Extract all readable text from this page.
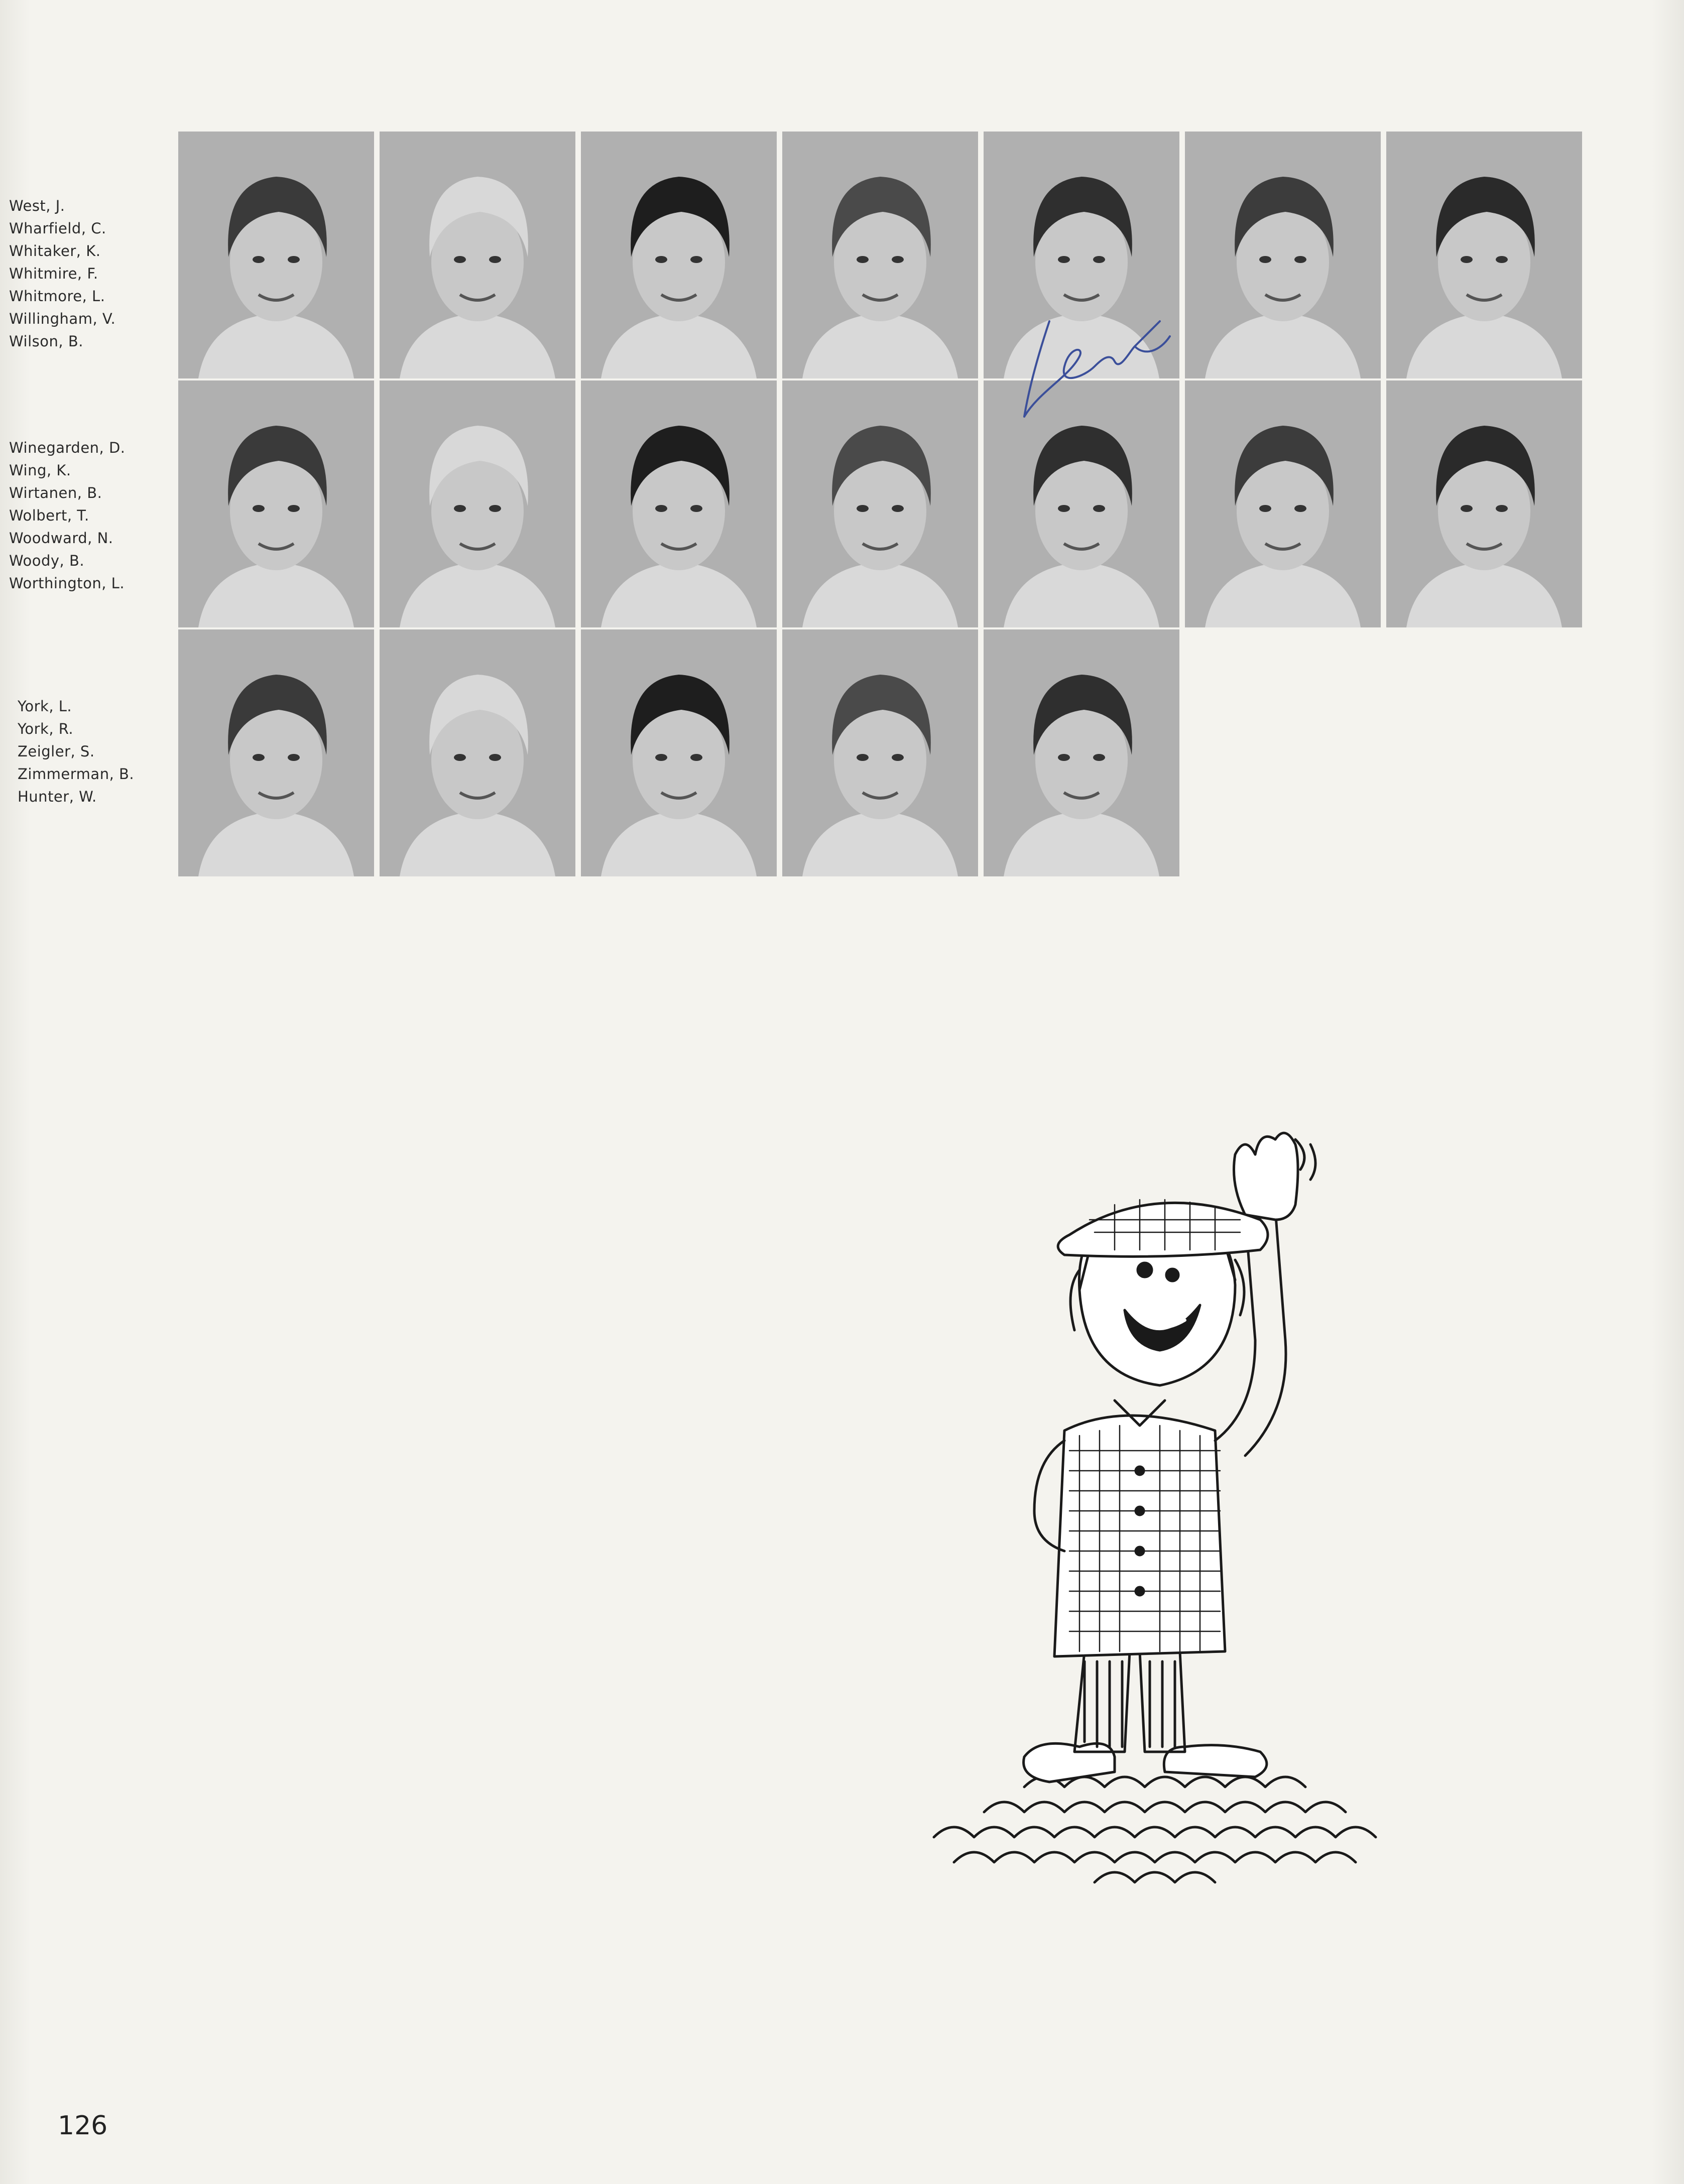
West, J.
Wharfield, C.
Whitaker, K.
Whitmire, F.
Whitmore, L.
Willingham, V.
Wilson, B.
Winegarden, D.
Wing, K.
Wirtanen, B.
Wolbert, T.
Woodward, N.
Woody, B.
Worthington, L.
York, L.
York, R.
Zeigler, S.
Zimmerman, B.
Hunter, W.
126
